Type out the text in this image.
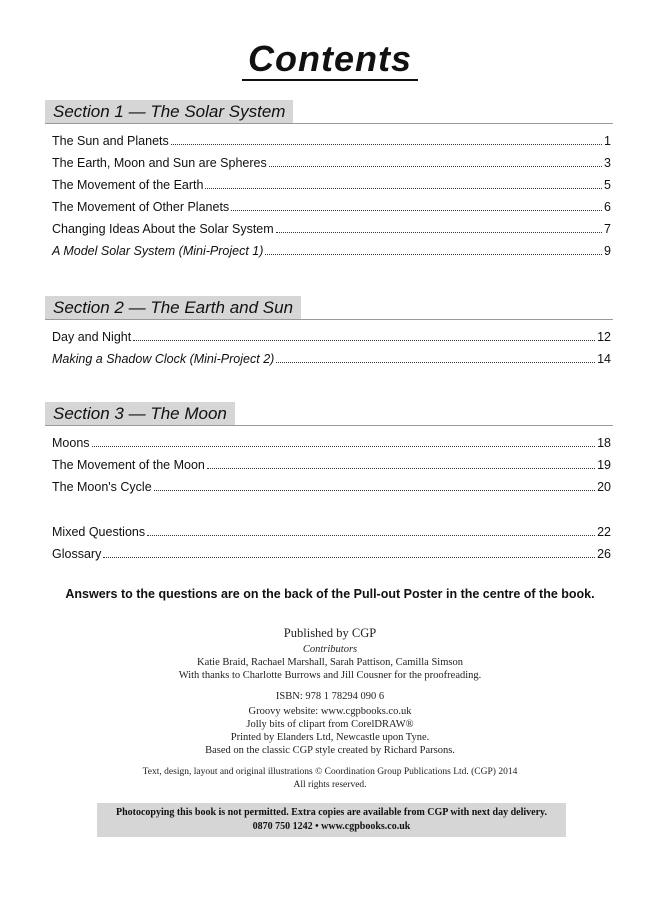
Contents
Section 1 — The Solar System
The Sun and Planets	1
The Earth, Moon and Sun are Spheres	3
The Movement of the Earth	5
The Movement of Other Planets	6
Changing Ideas About the Solar System	7
A Model Solar System (Mini-Project 1)	9
Section 2 — The Earth and Sun
Day and Night	12
Making a Shadow Clock (Mini-Project 2)	14
Section 3 — The Moon
Moons	18
The Movement of the Moon	19
The Moon's Cycle	20
Mixed Questions	22
Glossary	26
Answers to the questions are on the back of the Pull-out Poster in the centre of the book.
Published by CGP
Contributors
Katie Braid, Rachael Marshall, Sarah Pattison, Camilla Simson
With thanks to Charlotte Burrows and Jill Cousner for the proofreading.
ISBN: 978 1 78294 090 6
Groovy website: www.cgpbooks.co.uk
Jolly bits of clipart from CorelDRAW®
Printed by Elanders Ltd, Newcastle upon Tyne.
Based on the classic CGP style created by Richard Parsons.
Text, design, layout and original illustrations © Coordination Group Publications Ltd. (CGP) 2014
All rights reserved.
Photocopying this book is not permitted. Extra copies are available from CGP with next day delivery.
0870 750 1242 • www.cgpbooks.co.uk
